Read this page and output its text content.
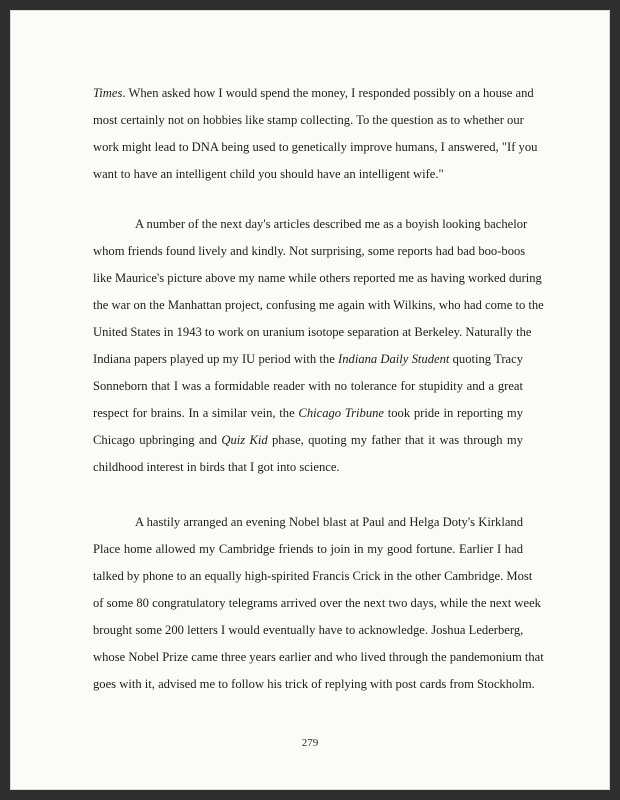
Times. When asked how I would spend the money, I responded possibly on a house and
most certainly not on hobbies like stamp collecting. To the question as to whether our
work might lead to DNA being used to genetically improve humans, I answered, "If you
want to have an intelligent child you should have an intelligent wife."
A number of the next day's articles described me as a boyish looking bachelor
whom friends found lively and kindly. Not surprising, some reports had bad boo-boos
like Maurice's picture above my name while others reported me as having worked during
the war on the Manhattan project, confusing me again with Wilkins, who had come to the
United States in 1943 to work on uranium isotope separation at Berkeley. Naturally the
Indiana papers played up my IU period with the Indiana Daily Student quoting Tracy
Sonneborn that I was a formidable reader with no tolerance for stupidity and a great
respect for brains. In a similar vein, the Chicago Tribune took pride in reporting my
Chicago upbringing and Quiz Kid phase, quoting my father that it was through my
childhood interest in birds that I got into science.
A hastily arranged an evening Nobel blast at Paul and Helga Doty's Kirkland
Place home allowed my Cambridge friends to join in my good fortune. Earlier I had
talked by phone to an equally high-spirited Francis Crick in the other Cambridge. Most
of some 80 congratulatory telegrams arrived over the next two days, while the next week
brought some 200 letters I would eventually have to acknowledge. Joshua Lederberg,
whose Nobel Prize came three years earlier and who lived through the pandemonium that
goes with it, advised me to follow his trick of replying with post cards from Stockholm.
279
